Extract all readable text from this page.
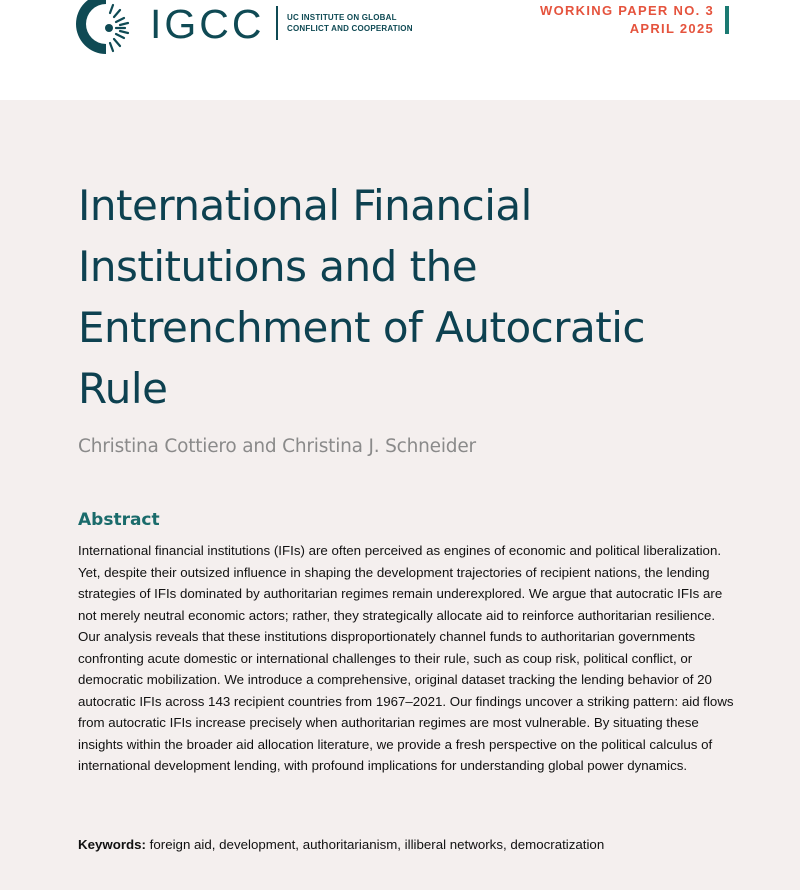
IGCC	UC INSTITUTE ON GLOBAL
CONFLICT AND COOPERATION
WORKING PAPER NO. 3
APRIL 2025
International Financial Institutions and the Entrenchment of Autocratic Rule
Christina Cottiero and Christina J. Schneider
Abstract

International financial institutions (IFIs) are often perceived as engines of economic and political liberalization. Yet, despite their outsized influence in shaping the development trajectories of recipient nations, the lending strategies of IFIs dominated by authoritarian regimes remain underexplored. We argue that autocratic IFIs are not merely neutral economic actors; rather, they strategically allocate aid to reinforce authoritarian resilience. Our analysis reveals that these institutions disproportionately channel funds to authoritarian governments confronting acute domestic or international challenges to their rule, such as coup risk, political conflict, or democratic mobilization. We introduce a comprehensive, original dataset tracking the lending behavior of 20 autocratic IFIs across 143 recipient countries from 1967–2021. Our findings uncover a striking pattern: aid flows from autocratic IFIs increase precisely when authoritarian regimes are most vulnerable. By situating these insights within the broader aid allocation literature, we provide a fresh perspective on the political calculus of international development lending, with profound implications for understanding global power dynamics.

Keywords: foreign aid, development, authoritarianism, illiberal networks, democratization
